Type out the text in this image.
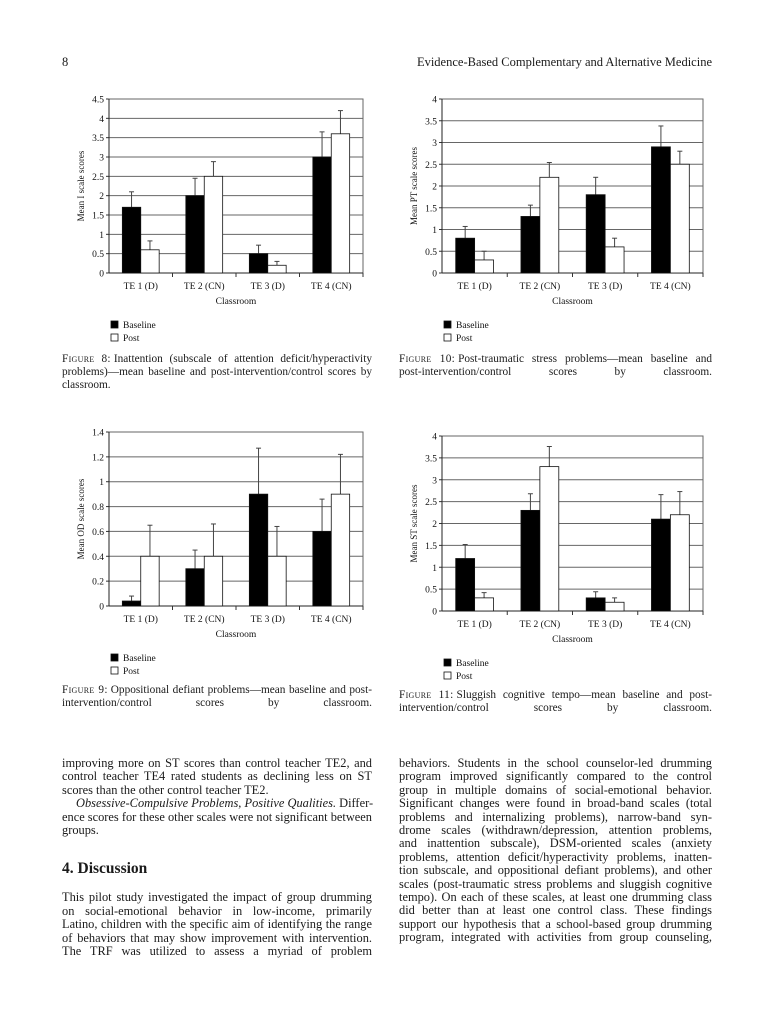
8	Evidence-Based Complementary and Alternative Medicine
0
0.5
1
1.5
2
2.5
3
3.5
4
4.5
TE 1 (D)	TE 2 (CN)	TE 3 (D)	TE 4 (CN)
Classroom
Mean I scale scores
Baseline
Post
0
0.5
1
1.5
2
2.5
3
3.5
4
TE 1 (D)	TE 2 (CN)	TE 3 (D)	TE 4 (CN)
Classroom
Mean PT scale scores
Baseline
Post
0
0.2
0.4
0.6
0.8
1
1.2
1.4
TE 1 (D)	TE 2 (CN)	TE 3 (D)	TE 4 (CN)
Classroom
Mean OD scale scores
Baseline
Post
0
0.5
1
1.5
2
2.5
3
3.5
4
TE 1 (D)	TE 2 (CN)	TE 3 (D)	TE 4 (CN)
Classroom
Mean ST scale scores
Baseline
Post
Figure 8: Inattention (subscale of attention deficit/hyperactivity
problems)—mean baseline and post-intervention/control scores by
classroom.
Figure 10: Post-traumatic stress problems—mean baseline and
post-intervention/control scores by classroom.
Figure 9: Oppositional defiant problems—mean baseline and post-
intervention/control scores by classroom.
Figure 11: Sluggish cognitive tempo—mean baseline and post-
intervention/control scores by classroom.
improving more on ST scores than control teacher TE2, and
control teacher TE4 rated students as declining less on ST
scores than the other control teacher TE2.
Obsessive-Compulsive Problems, Positive Qualities. Differ-
ence scores for these other scales were not significant between
groups.
4. Discussion
This pilot study investigated the impact of group drumming
on social-emotional behavior in low-income, primarily
Latino, children with the specific aim of identifying the range
of behaviors that may show improvement with intervention.
The TRF was utilized to assess a myriad of problem
behaviors. Students in the school counselor-led drumming
program improved significantly compared to the control
group in multiple domains of social-emotional behavior.
Significant changes were found in broad-band scales (total
problems and internalizing problems), narrow-band syn-
drome scales (withdrawn/depression, attention problems,
and inattention subscale), DSM-oriented scales (anxiety
problems, attention deficit/hyperactivity problems, inatten-
tion subscale, and oppositional defiant problems), and other
scales (post-traumatic stress problems and sluggish cognitive
tempo). On each of these scales, at least one drumming class
did better than at least one control class. These findings
support our hypothesis that a school-based group drumming
program, integrated with activities from group counseling,
